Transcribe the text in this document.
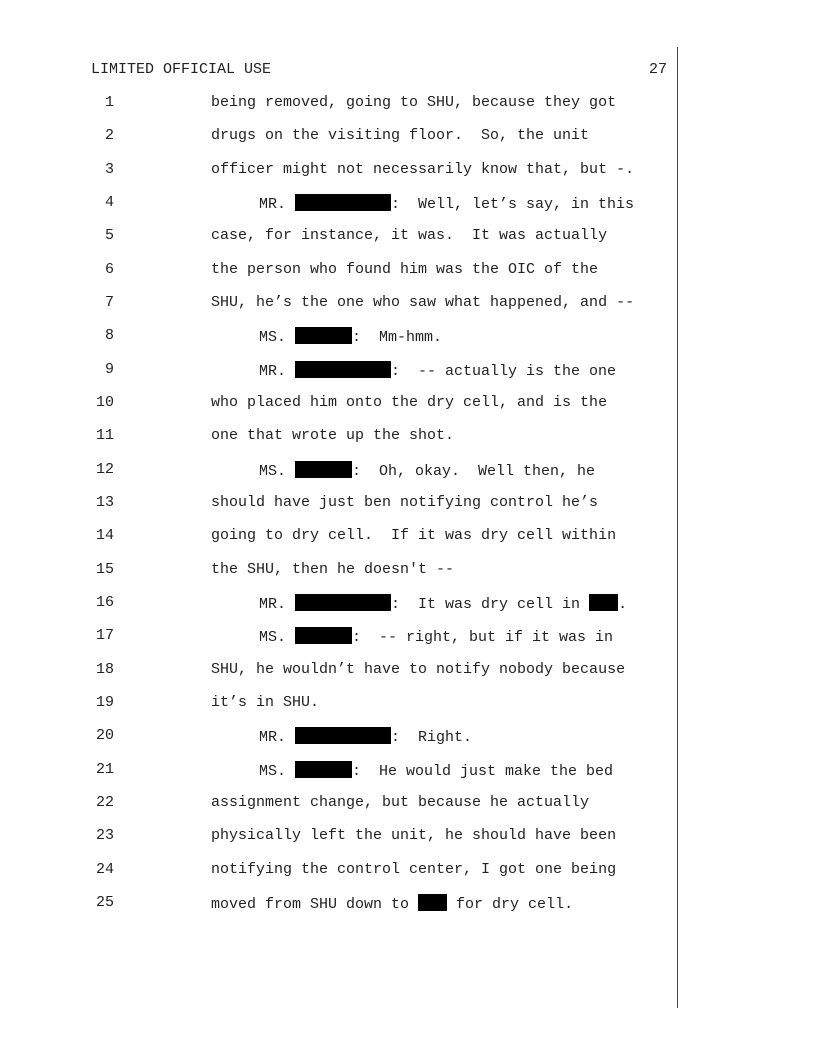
LIMITED OFFICIAL USE	27
1	being removed, going to SHU, because they got
2	drugs on the visiting floor.  So, the unit
3	officer might not necessarily know that, but -.
4	MR.	:  Well, let’s say, in this
5	case, for instance, it was.  It was actually
6	the person who found him was the OIC of the
7	SHU, he’s the one who saw what happened, and --
8	MS.	:  Mm-hmm.
9	MR.	:  -- actually is the one
10	who placed him onto the dry cell, and is the
11	one that wrote up the shot.
12	MS.	:  Oh, okay.  Well then, he
13	should have just ben notifying control he’s
14	going to dry cell.  If it was dry cell within
15	the SHU, then he doesn't --
16	MR.	:  It was dry cell in .
17	MS.	:  -- right, but if it was in
18	SHU, he wouldn’t have to notify nobody because
19	it’s in SHU.
20	MR.	:  Right.
21	MS.	:  He would just make the bed
22	assignment change, but because he actually
23	physically left the unit, he should have been
24	notifying the control center, I got one being
25	moved from SHU down to  for dry cell.
